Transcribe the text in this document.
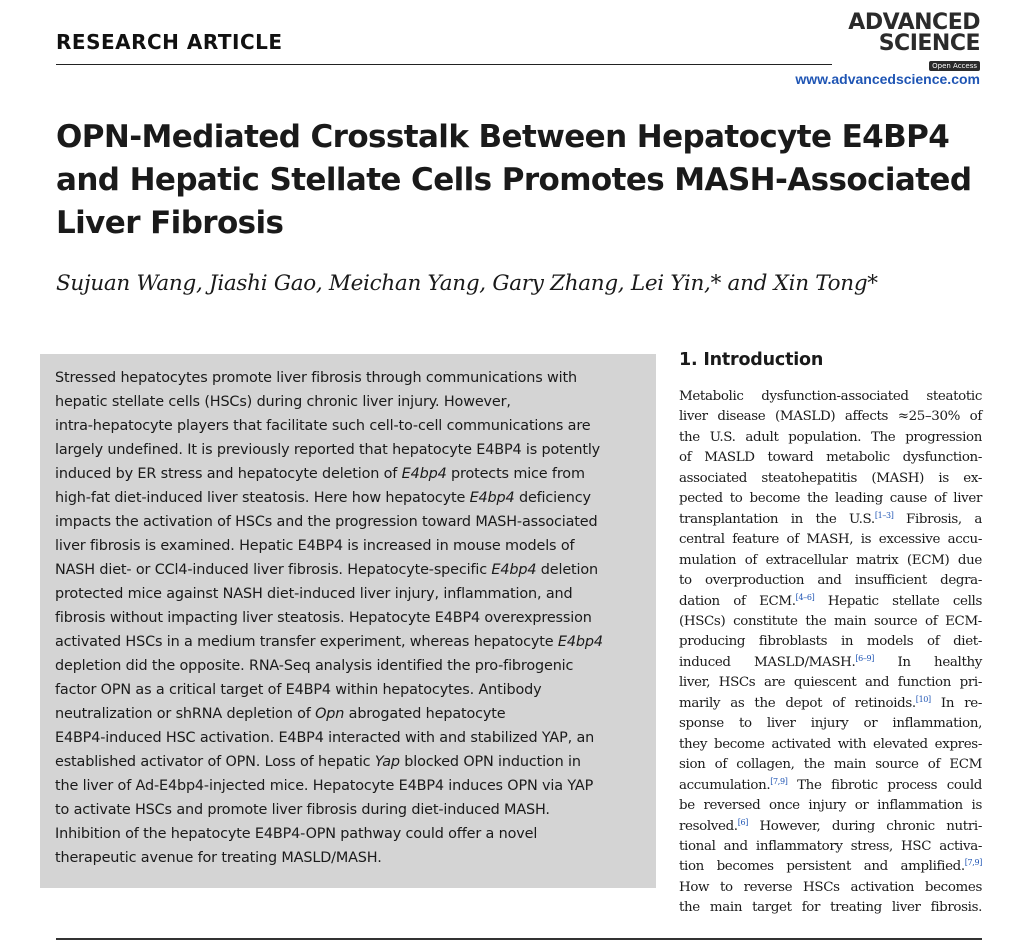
RESEARCH ARTICLE
ADVANCED
SCIENCE
Open Access
www.advancedscience.com
OPN-Mediated Crosstalk Between Hepatocyte E4BP4 and Hepatic Stellate Cells Promotes MASH-Associated Liver Fibrosis
Sujuan Wang, Jiashi Gao, Meichan Yang, Gary Zhang, Lei Yin,* and Xin Tong*
Stressed hepatocytes promote liver fibrosis through communications with
hepatic stellate cells (HSCs) during chronic liver injury. However,
intra-hepatocyte players that facilitate such cell-to-cell communications are
largely undefined. It is previously reported that hepatocyte E4BP4 is potently
induced by ER stress and hepatocyte deletion of E4bp4 protects mice from
high-fat diet-induced liver steatosis. Here how hepatocyte E4bp4 deficiency
impacts the activation of HSCs and the progression toward MASH-associated
liver fibrosis is examined. Hepatic E4BP4 is increased in mouse models of
NASH diet- or CCl4-induced liver fibrosis. Hepatocyte-specific E4bp4 deletion
protected mice against NASH diet-induced liver injury, inflammation, and
fibrosis without impacting liver steatosis. Hepatocyte E4BP4 overexpression
activated HSCs in a medium transfer experiment, whereas hepatocyte E4bp4
depletion did the opposite. RNA-Seq analysis identified the pro-fibrogenic
factor OPN as a critical target of E4BP4 within hepatocytes. Antibody
neutralization or shRNA depletion of Opn abrogated hepatocyte
E4BP4-induced HSC activation. E4BP4 interacted with and stabilized YAP, an
established activator of OPN. Loss of hepatic Yap blocked OPN induction in
the liver of Ad-E4bp4-injected mice. Hepatocyte E4BP4 induces OPN via YAP
to activate HSCs and promote liver fibrosis during diet-induced MASH.
Inhibition of the hepatocyte E4BP4-OPN pathway could offer a novel
therapeutic avenue for treating MASLD/MASH.
1. Introduction
Metabolic dysfunction-associated steatotic
liver disease (MASLD) affects ≈25–30% of
the U.S. adult population. The progression
of MASLD toward metabolic dysfunction-
associated steatohepatitis (MASH) is ex-
pected to become the leading cause of liver
transplantation in the U.S.[1–3] Fibrosis, a
central feature of MASH, is excessive accu-
mulation of extracellular matrix (ECM) due
to overproduction and insufficient degra-
dation of ECM.[4–6] Hepatic stellate cells
(HSCs) constitute the main source of ECM-
producing fibroblasts in models of diet-
induced MASLD/MASH.[6–9] In healthy
liver, HSCs are quiescent and function pri-
marily as the depot of retinoids.[10] In re-
sponse to liver injury or inflammation,
they become activated with elevated expres-
sion of collagen, the main source of ECM
accumulation.[7,9] The fibrotic process could
be reversed once injury or inflammation is
resolved.[6] However, during chronic nutri-
tional and inflammatory stress, HSC activa-
tion becomes persistent and amplified.[7,9]
How to reverse HSCs activation becomes
the main target for treating liver fibrosis.
